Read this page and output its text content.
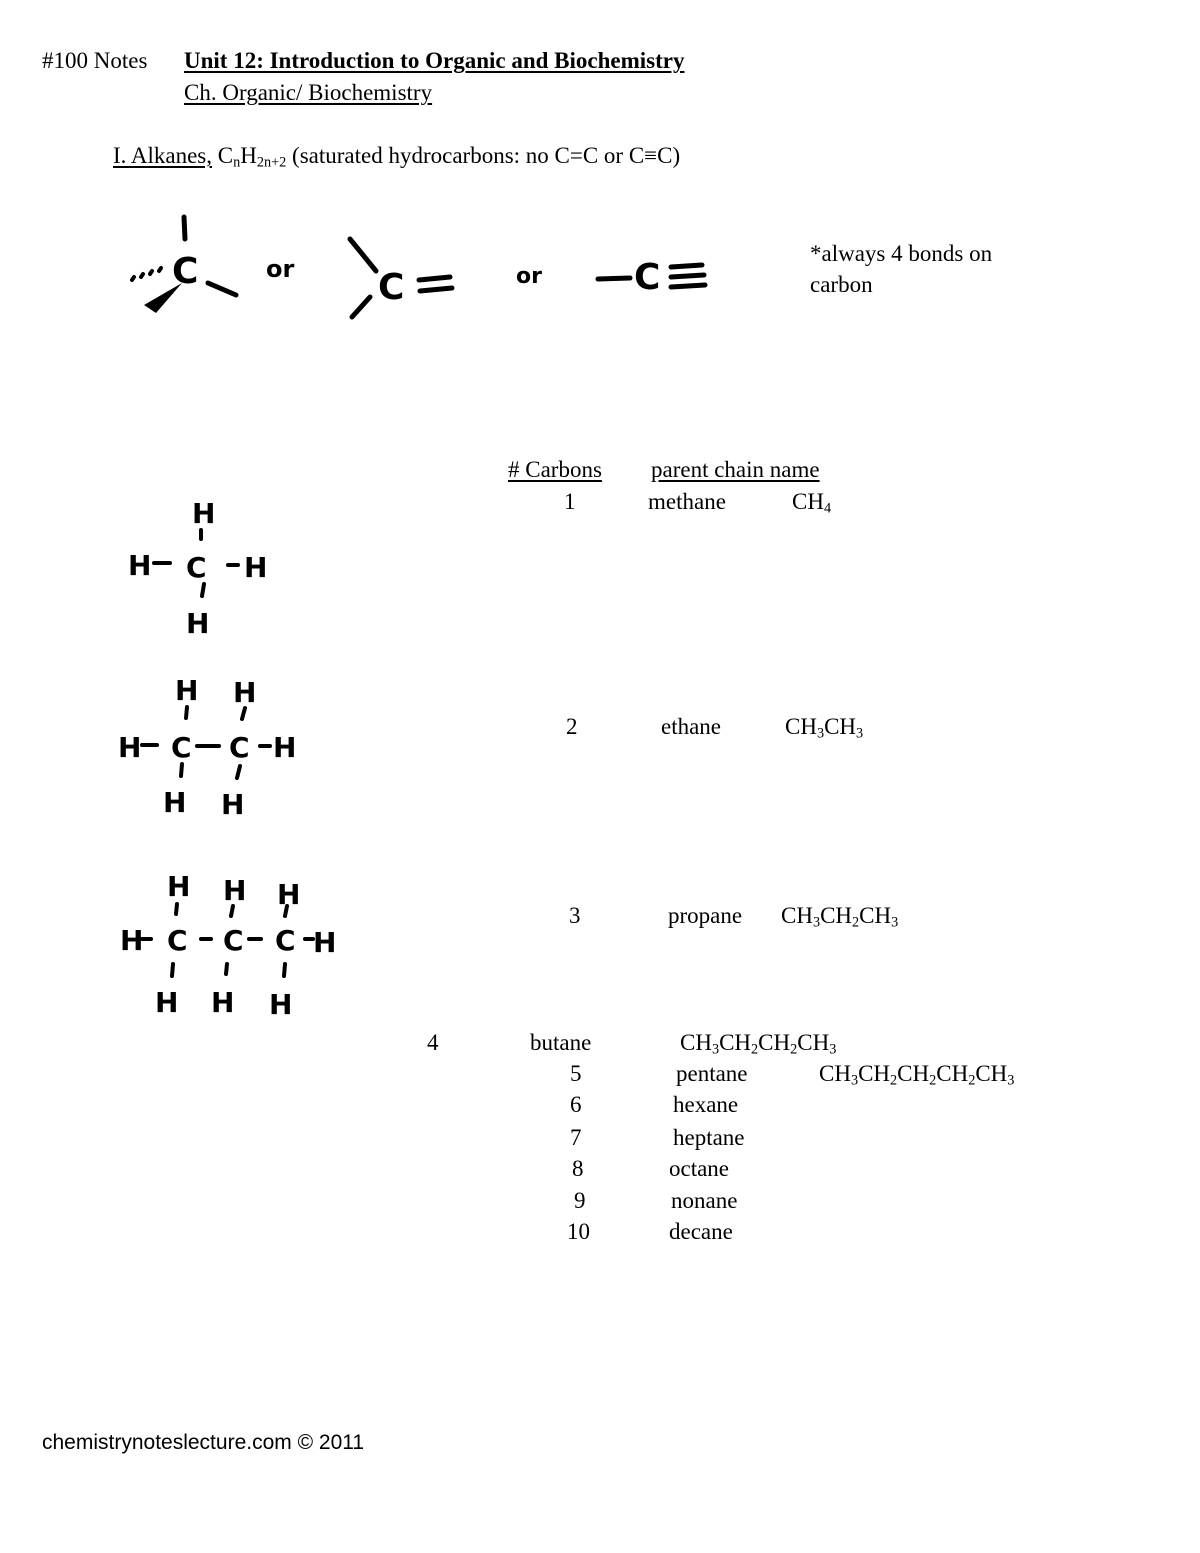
#100 Notes Unit 12: Introduction to Organic and Biochemistry
Ch. Organic/ Biochemistry
I. Alkanes, $C_nH_{2n+2}$ (saturated hydrocarbons: no C=C or C≡C)
C	or C	or	C
*always 4 bonds on
carbon
# Carbons parent chain name
H
H C H
H
H H
H C C H
H H
H H H
H C C C H
H H H
1	methane	$CH_4$
2	ethane	$CH_3CH_3$
3	propane $CH_3CH_2CH_3$
4	butane	$CH_3CH_2CH_2CH_3$
5	pentane	$CH_3CH_2CH_2CH_2CH_3$
6	hexane
7	heptane
8	octane
9	nonane
10	decane
chemistrynoteslecture.com © 2011
